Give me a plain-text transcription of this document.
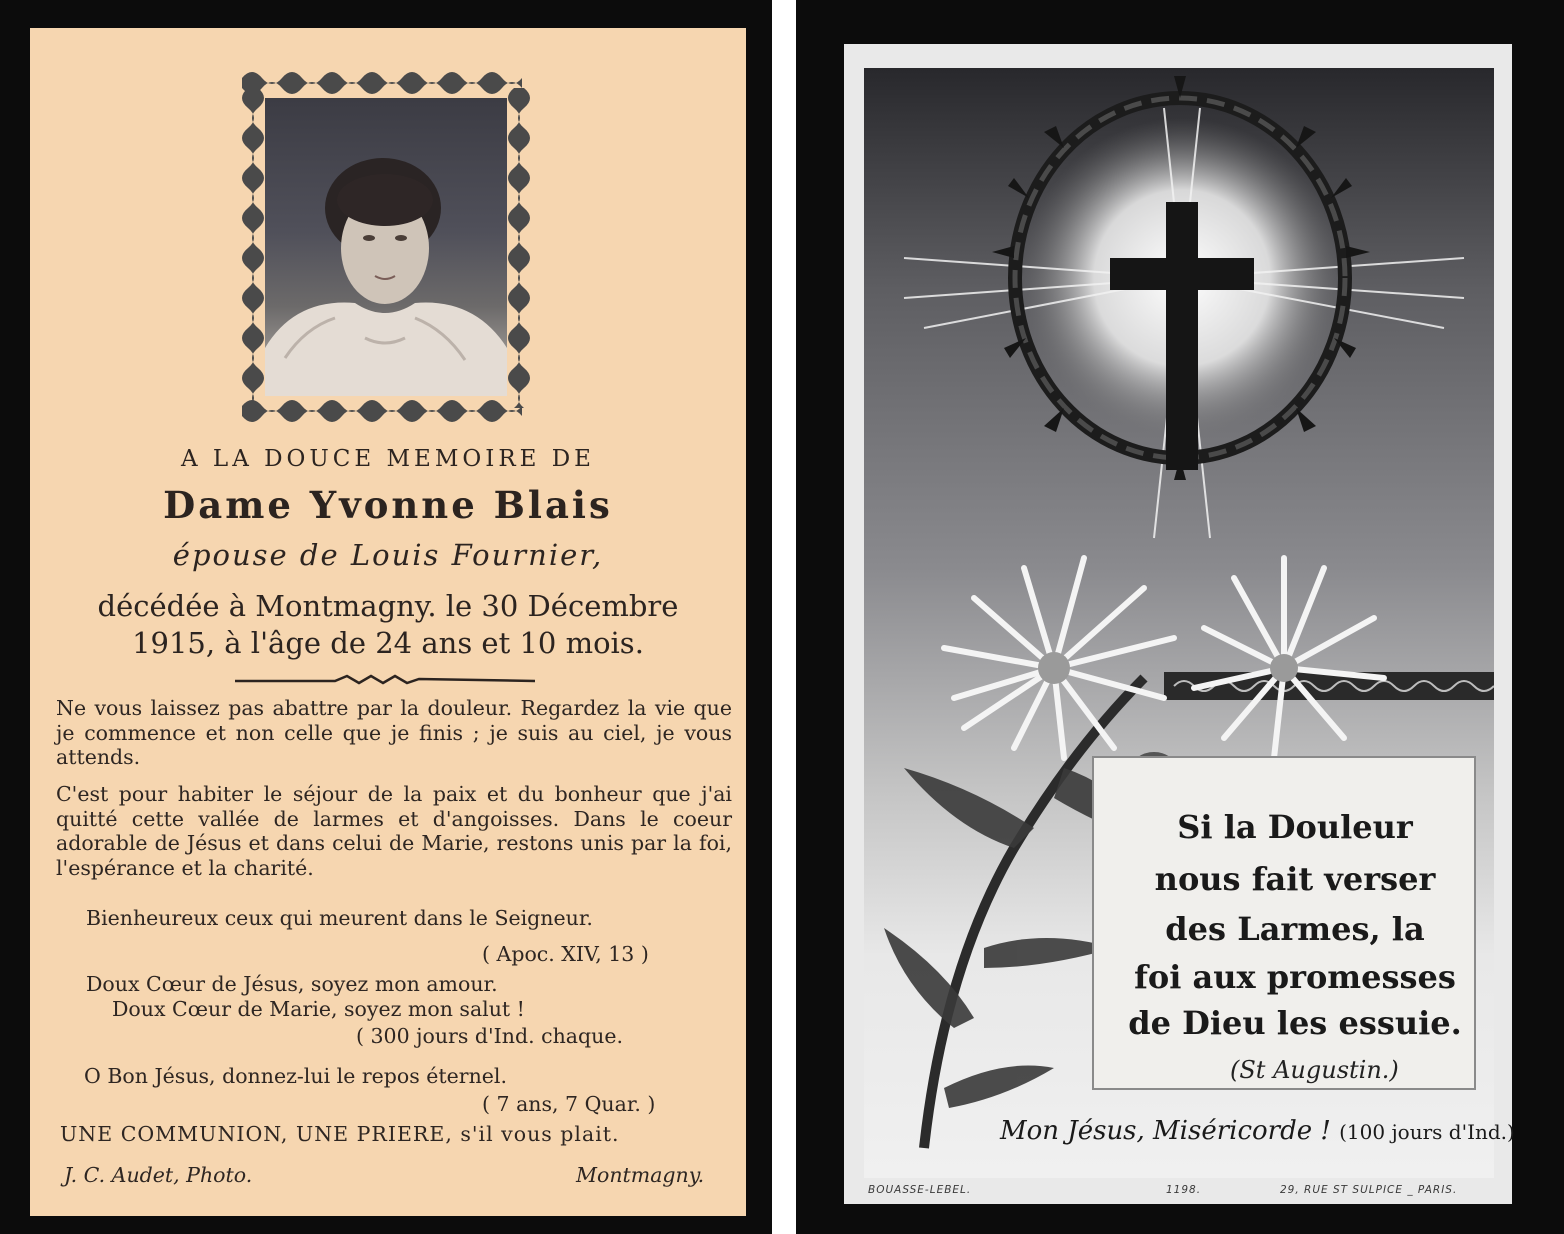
A LA DOUCE MEMOIRE DE
Dame Yvonne Blais
épouse de Louis Fournier,
décédée à Montmagny. le 30 Décembre
1915, à l'âge de 24 ans et 10 mois.
Ne vous laissez pas abattre par la douleur. Regardez la vie que je commence et non celle que je finis ; je suis au ciel, je vous attends.
C'est pour habiter le séjour de la paix et du bonheur que j'ai quitté cette vallée de larmes et d'angoisses. Dans le coeur adorable de Jésus et dans celui de Marie, restons unis par la foi, l'espérance et la charité.
Bienheureux ceux qui meurent dans le Seigneur.
( Apoc. XIV, 13 )
Doux Cœur de Jésus, soyez mon amour.
Doux Cœur de Marie, soyez mon salut !
( 300 jours d'Ind. chaque.
O Bon Jésus, donnez-lui le repos éternel.
( 7 ans, 7 Quar. )
UNE COMMUNION, UNE PRIERE, s'il vous plait.
J. C. Audet, Photo.	Montmagny.
Si la Douleur
nous fait verser
des Larmes, la
foi aux promesses
de Dieu les essuie.
(St Augustin.)
Mon Jésus, Miséricorde ! (100 jours d'Ind.)
BOUASSE-LEBEL.	1198.	29, RUE ST SULPICE _ PARIS.
